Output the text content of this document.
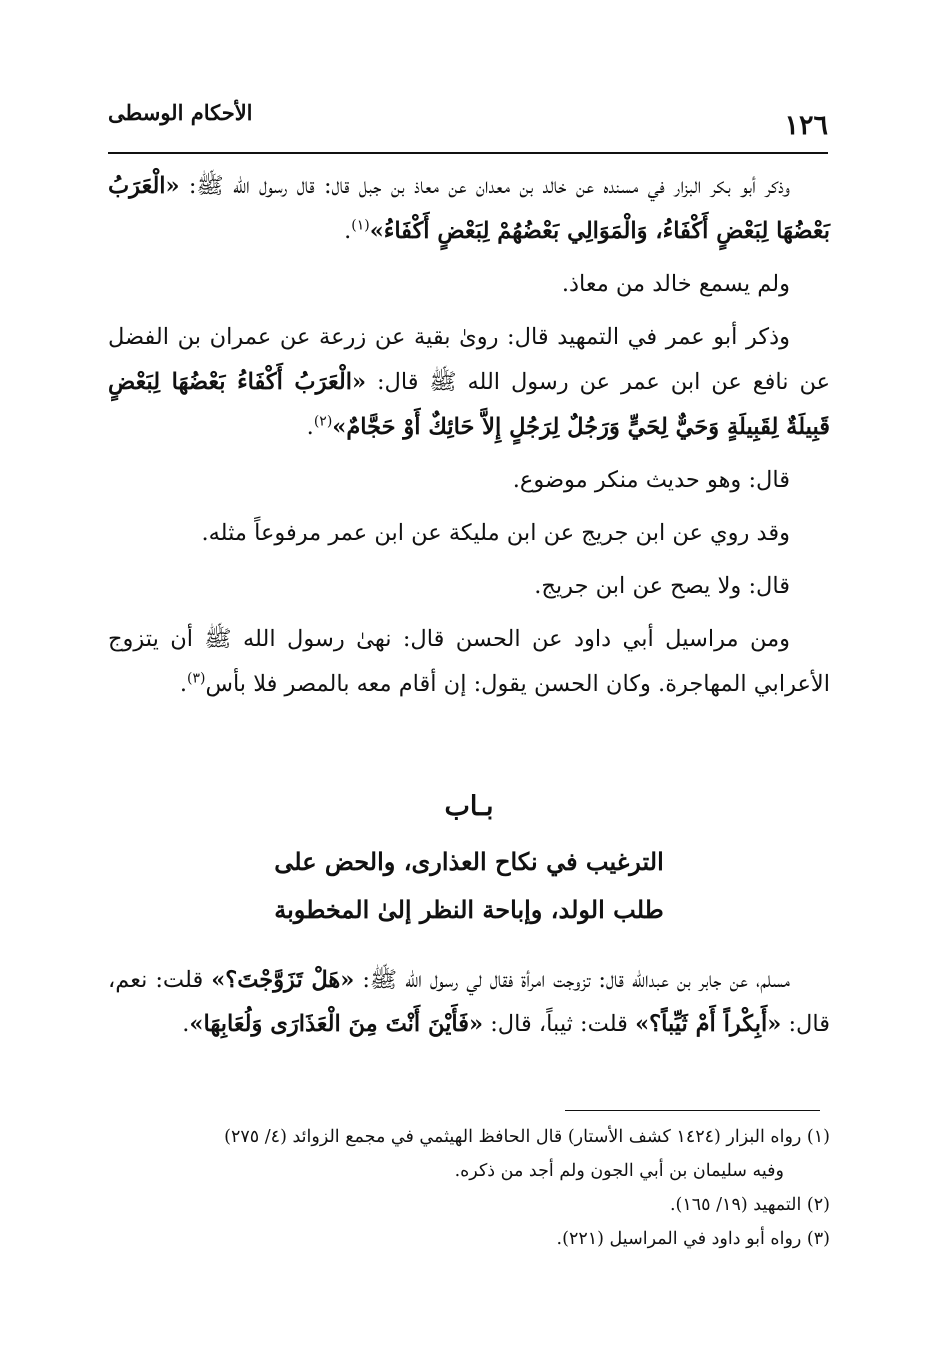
١٢٦
الأحكام الوسطى

وذكر أبو بكر البزار في مسنده عن خالد بن معدان عن معاذ بن جبل قال: قال رسول الله ﷺ: «الْعَرَبُ بَعْضُهَا لِبَعْضٍ أَكْفَاءُ، وَالْمَوَالِي بَعْضُهُمْ لِبَعْضٍ أَكْفَاءُ»$^{(١)}$.

ولم يسمع خالد من معاذ.

وذكر أبو عمر في التمهيد قال: روىٰ بقية عن زرعة عن عمران بن الفضل عن نافع عن ابن عمر عن رسول الله ﷺ قال: «الْعَرَبُ أَكْفَاءُ بَعْضُهَا لِبَعْضٍ قَبِيلَةٌ لِقَبِيلَةٍ وَحَيٌّ لِحَيٍّ وَرَجُلٌ لِرَجُلٍ إِلاَّ حَائِكٌ أَوْ حَجَّامٌ»$^{(٢)}$.

قال: وهو حديث منكر موضوع.

وقد روي عن ابن جريج عن ابن مليكة عن ابن عمر مرفوعاً مثله.

قال: ولا يصح عن ابن جريج.

ومن مراسيل أبي داود عن الحسن قال: نهىٰ رسول الله ﷺ أن يتزوج الأعرابي المهاجرة. وكان الحسن يقول: إن أقام معه بالمصر فلا بأس$^{(٣)}$.

بـاب
الترغيب في نكاح العذارى، والحض على
طلب الولد، وإباحة النظر إلىٰ المخطوبة

مسلم، عن جابر بن عبدالله قال: تزوجت امرأة فقال لي رسول الله ﷺ: «هَلْ تَزَوَّجْتَ؟» قلت: نعم، قال: «أَبِكْراً أَمْ ثَيِّباً؟» قلت: ثيباً، قال: «فَأَيْنَ أَنْتَ مِنَ الْعَذَارَى وَلُعَابِهَا».

(١) رواه البزار (١٤٢٤ كشف الأستار) قال الحافظ الهيثمي في مجمع الزوائد (٤/ ٢٧٥)

وفيه سليمان بن أبي الجون ولم أجد من ذكره.

(٢) التمهيد (١٩/ ١٦٥).

(٣) رواه أبو داود في المراسيل (٢٢١).
